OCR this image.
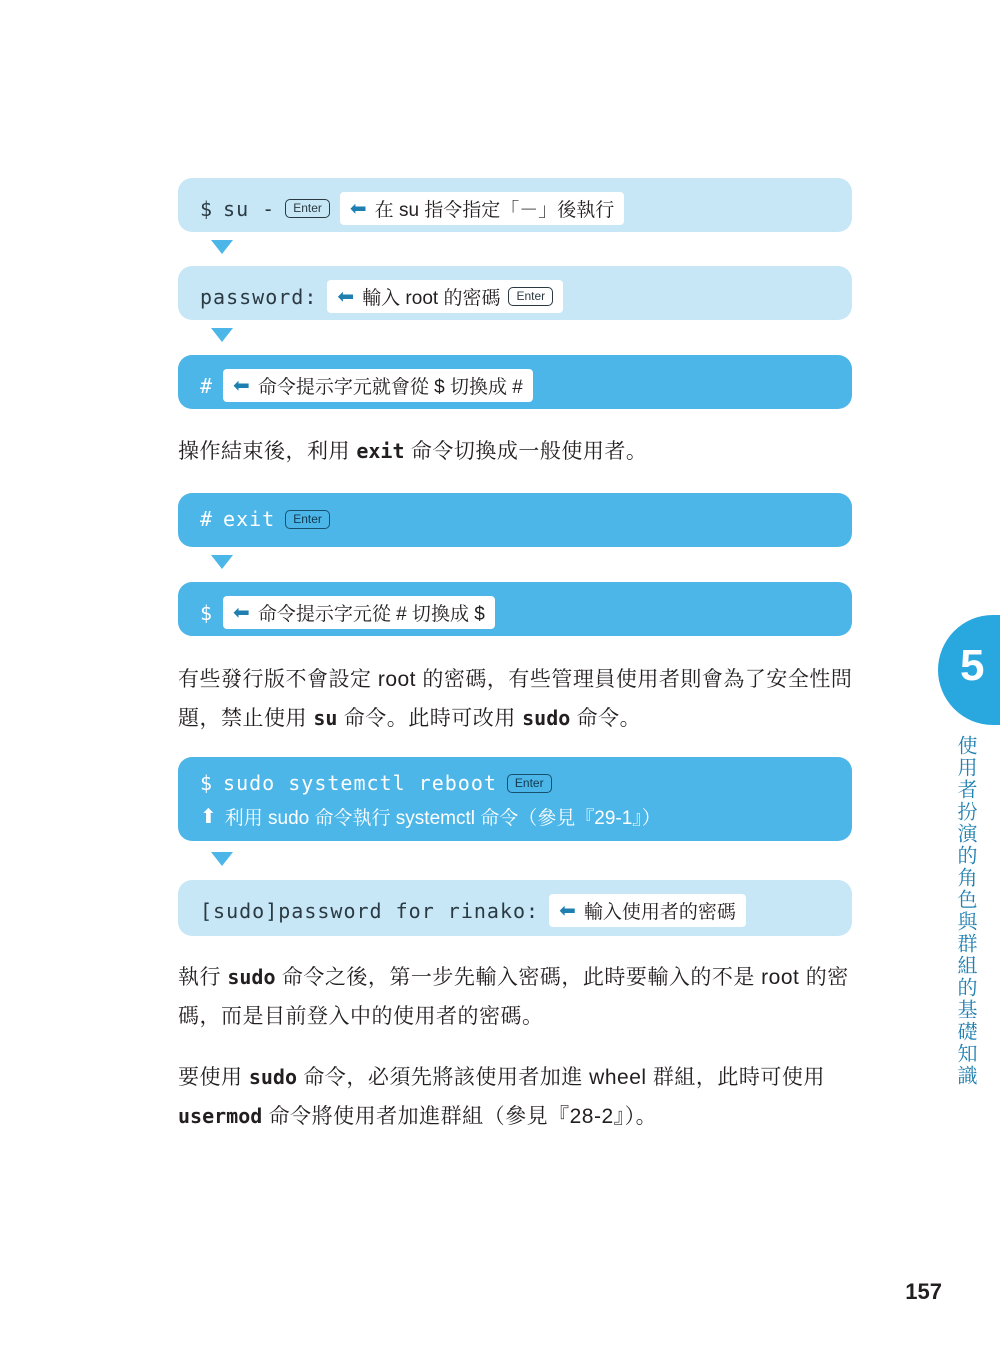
$ su -	Enter	⬅ 在 su 指令指定「－」後執行
password: ⬅ 輸入 root 的密碼	Enter
# ⬅ 命令提示字元就會從 $ 切換成 #
操作結束後，利用 exit 命令切換成一般使用者。
# exit	Enter
$ ⬅ 命令提示字元從 # 切換成 $
有些發行版不會設定 root 的密碼，有些管理員使用者則會為了安全性問
題，禁止使用 su 命令。此時可改用 sudo 命令。
$ sudo systemctl reboot	Enter
⬆ 利用 sudo 命令執行 systemctl 命令（參見『29-1』）
[sudo]password for rinako: ⬅ 輸入使用者的密碼
執行 sudo 命令之後，第一步先輸入密碼，此時要輸入的不是 root 的密
碼，而是目前登入中的使用者的密碼。
要使用 sudo 命令，必須先將該使用者加進 wheel 群組，此時可使用
usermod 命令將使用者加進群組（參見『28-2』）。
5
使用者扮演的角色與群組的基礎知識
157
